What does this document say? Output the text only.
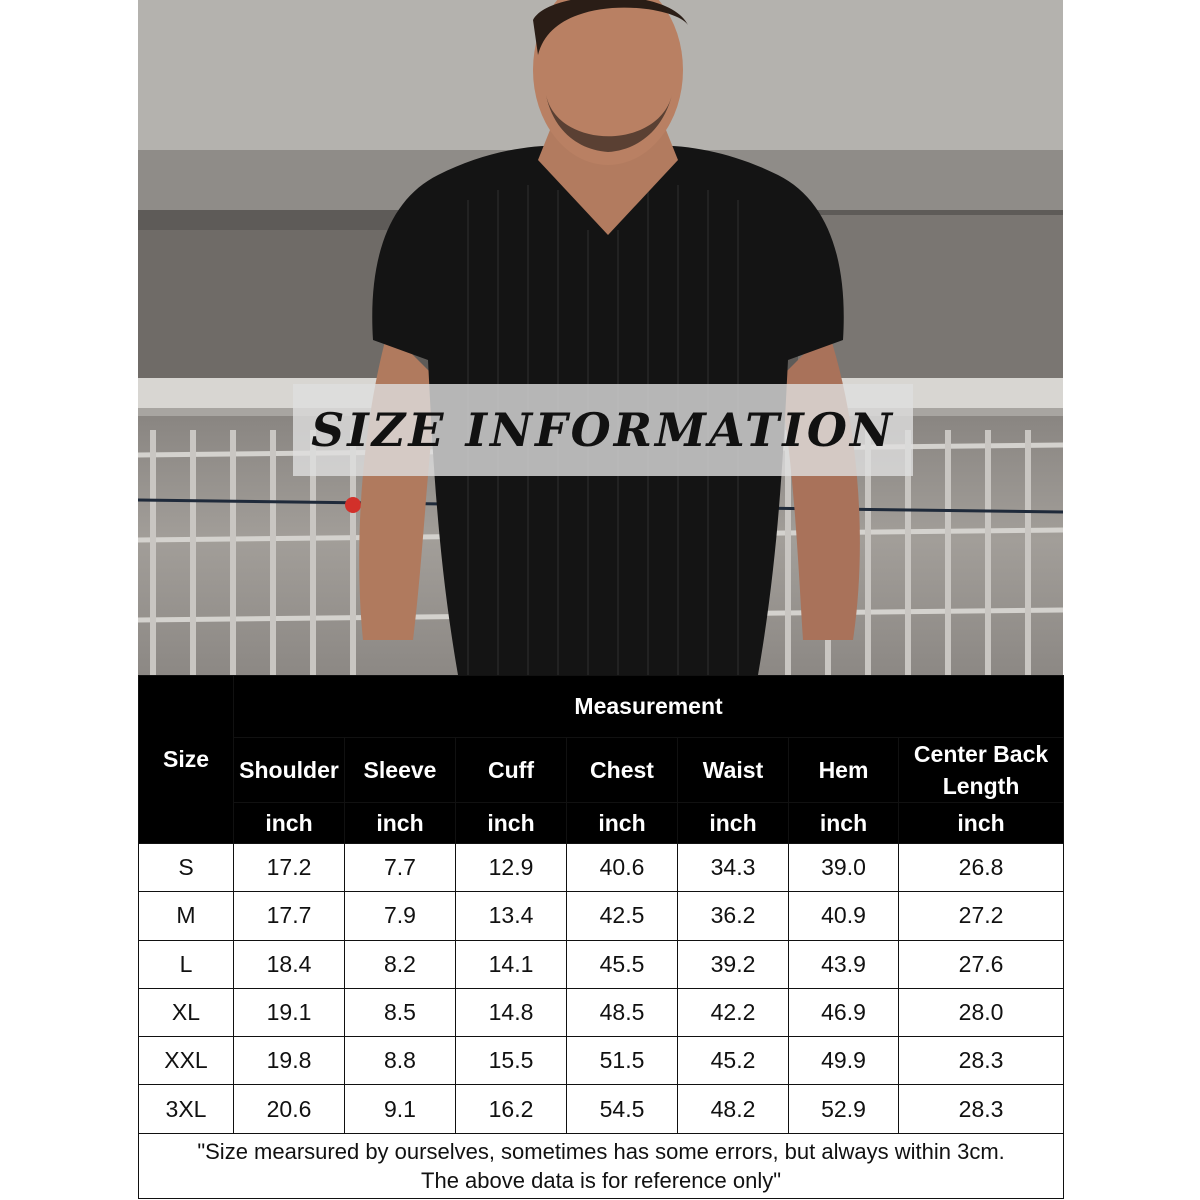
SIZE INFORMATION
Size	Measurement						
	Shoulder	Sleeve	Cuff	Chest	Waist	Hem	Center Back Length
	inch	inch	inch	inch	inch	inch	inch
S	17.2	7.7	12.9	40.6	34.3	39.0	26.8
M	17.7	7.9	13.4	42.5	36.2	40.9	27.2
L	18.4	8.2	14.1	45.5	39.2	43.9	27.6
XL	19.1	8.5	14.8	48.5	42.2	46.9	28.0
XXL	19.8	8.8	15.5	51.5	45.2	49.9	28.3
3XL	20.6	9.1	16.2	54.5	48.2	52.9	28.3

"Size mearsured by ourselves, sometimes has some errors, but always within 3cm.
The above data is for reference only"							
